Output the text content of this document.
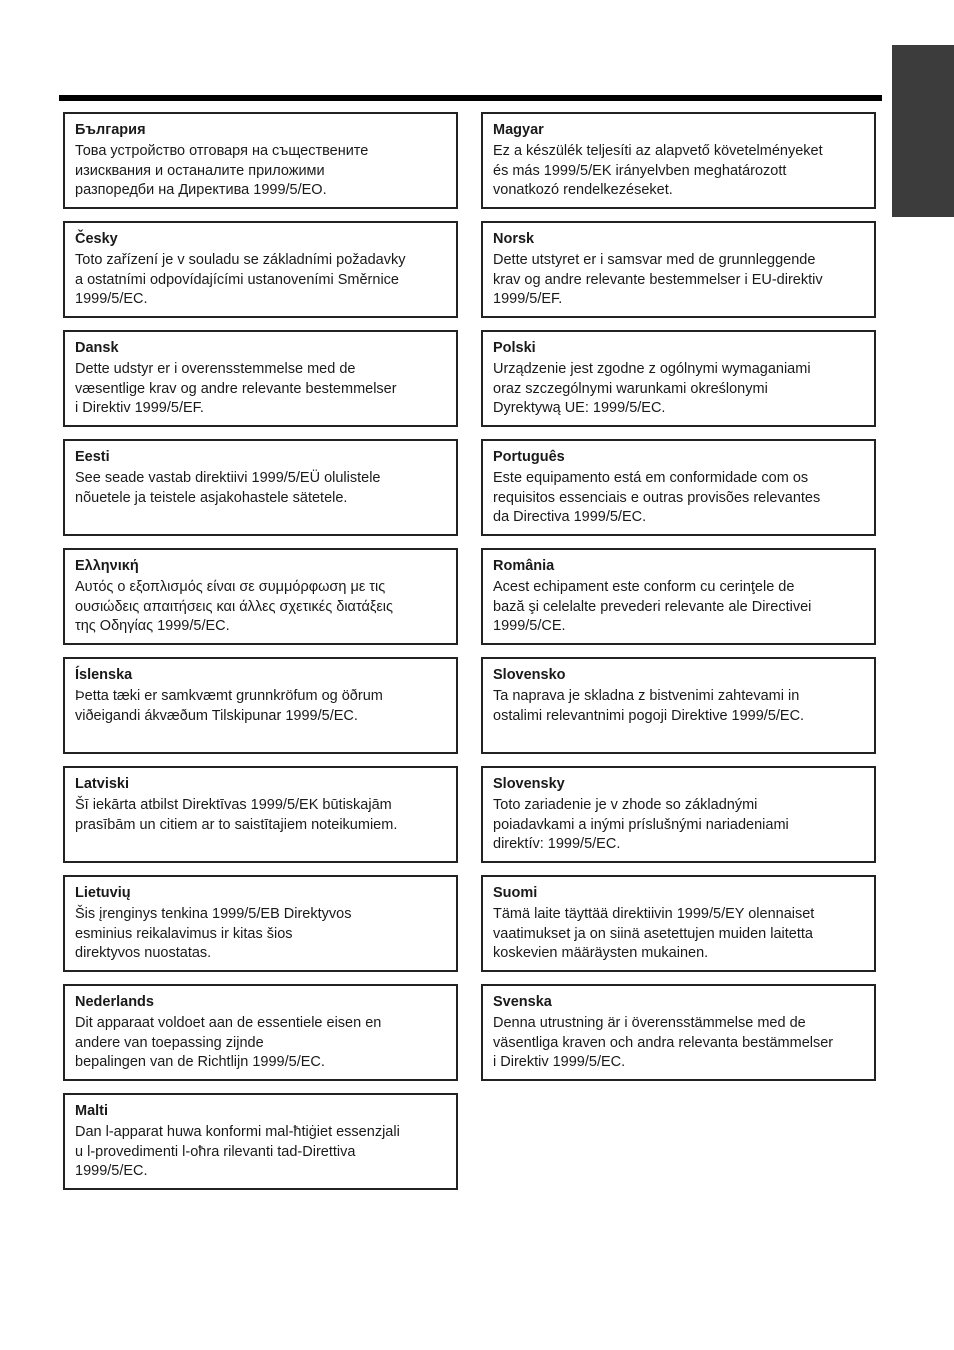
България
Това устройство отговаря на съществените
изисквания и останалите приложими
разпоредби на Директива 1999/5/ЕО.
Česky
Toto zařízení je v souladu se základními požadavky
a ostatními odpovídajícími ustanoveními Směrnice
1999/5/EC.
Dansk
Dette udstyr er i overensstemmelse med de
væsentlige krav og andre relevante bestemmelser
i Direktiv 1999/5/EF.
Eesti
See seade vastab direktiivi 1999/5/EÜ olulistele
nõuetele ja teistele asjakohastele sätetele.
Ελληνική
Αυτός ο εξοπλισμός είναι σε συμμόρφωση με τις
ουσιώδεις απαιτήσεις και άλλες σχετικές διατάξεις
της Οδηγίας 1999/5/EC.
Íslenska
Þetta tæki er samkvæmt grunnkröfum og öðrum
viðeigandi ákvæðum Tilskipunar 1999/5/EC.
Latviski
Šī iekārta atbilst Direktīvas 1999/5/EK būtiskajām
prasībām un citiem ar to saistītajiem noteikumiem.
Lietuvių
Šis įrenginys tenkina 1999/5/EB Direktyvos
esminius reikalavimus ir kitas šios
direktyvos nuostatas.
Nederlands
Dit apparaat voldoet aan de essentiele eisen en
andere van toepassing zijnde
bepalingen van de Richtlijn 1999/5/EC.
Malti
Dan l-apparat huwa konformi mal-ħtiġiet essenzjali
u l-provedimenti l-oħra rilevanti tad-Direttiva
1999/5/EC.
Magyar
Ez a készülék teljesíti az alapvető követelményeket
és más 1999/5/EK irányelvben meghatározott
vonatkozó rendelkezéseket.
Norsk
Dette utstyret er i samsvar med de grunnleggende
krav og andre relevante bestemmelser i EU-direktiv
1999/5/EF.
Polski
Urządzenie jest zgodne z ogólnymi wymaganiami
oraz szczególnymi warunkami określonymi
Dyrektywą UE: 1999/5/EC.
Português
Este equipamento está em conformidade com os
requisitos essenciais e outras provisões relevantes
da Directiva 1999/5/EC.
România
Acest echipament este conform cu cerinţele de
bază şi celelalte prevederi relevante ale Directivei
1999/5/CE.
Slovensko
Ta naprava je skladna z bistvenimi zahtevami in
ostalimi relevantnimi pogoji Direktive 1999/5/EC.
Slovensky
Toto zariadenie je v zhode so základnými
poiadavkami a inými príslušnými nariadeniami
direktív: 1999/5/EC.
Suomi
Tämä laite täyttää direktiivin 1999/5/EY olennaiset
vaatimukset ja on siinä asetettujen muiden laitetta
koskevien määräysten mukainen.
Svenska
Denna utrustning är i överensstämmelse med de
väsentliga kraven och andra relevanta bestämmelser
i Direktiv 1999/5/EC.
